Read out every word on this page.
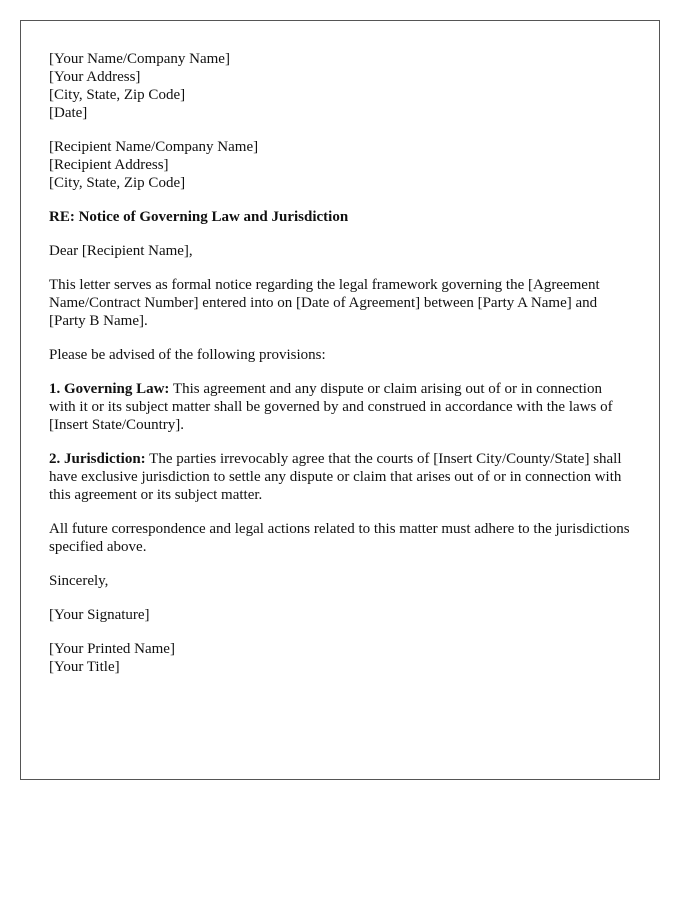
[Your Name/Company Name]
[Your Address]
[City, State, Zip Code]
[Date]
[Recipient Name/Company Name]
[Recipient Address]
[City, State, Zip Code]

RE: Notice of Governing Law and Jurisdiction

Dear [Recipient Name],

This letter serves as formal notice regarding the legal framework governing the [Agreement Name/Contract Number] entered into on [Date of Agreement] between [Party A Name] and [Party B Name].

Please be advised of the following provisions:

1. Governing Law: This agreement and any dispute or claim arising out of or in connection with it or its subject matter shall be governed by and construed in accordance with the laws of [Insert State/Country].

2. Jurisdiction: The parties irrevocably agree that the courts of [Insert City/County/State] shall have exclusive jurisdiction to settle any dispute or claim that arises out of or in connection with this agreement or its subject matter.

All future correspondence and legal actions related to this matter must adhere to the jurisdictions specified above.

Sincerely,

[Your Signature]

[Your Printed Name]
[Your Title]
